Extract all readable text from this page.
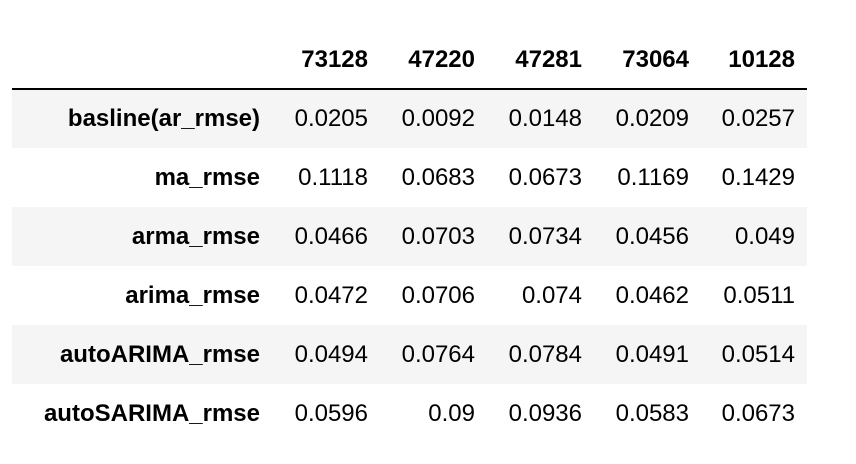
	73128	47220	47281	73064	10128
basline(ar_rmse)	0.0205	0.0092	0.0148	0.0209	0.0257
ma_rmse	0.1118	0.0683	0.0673	0.1169	0.1429
arma_rmse	0.0466	0.0703	0.0734	0.0456	0.049
arima_rmse	0.0472	0.0706	0.074	0.0462	0.0511
autoARIMA_rmse	0.0494	0.0764	0.0784	0.0491	0.0514
autoSARIMA_rmse	0.0596	0.09	0.0936	0.0583	0.0673
